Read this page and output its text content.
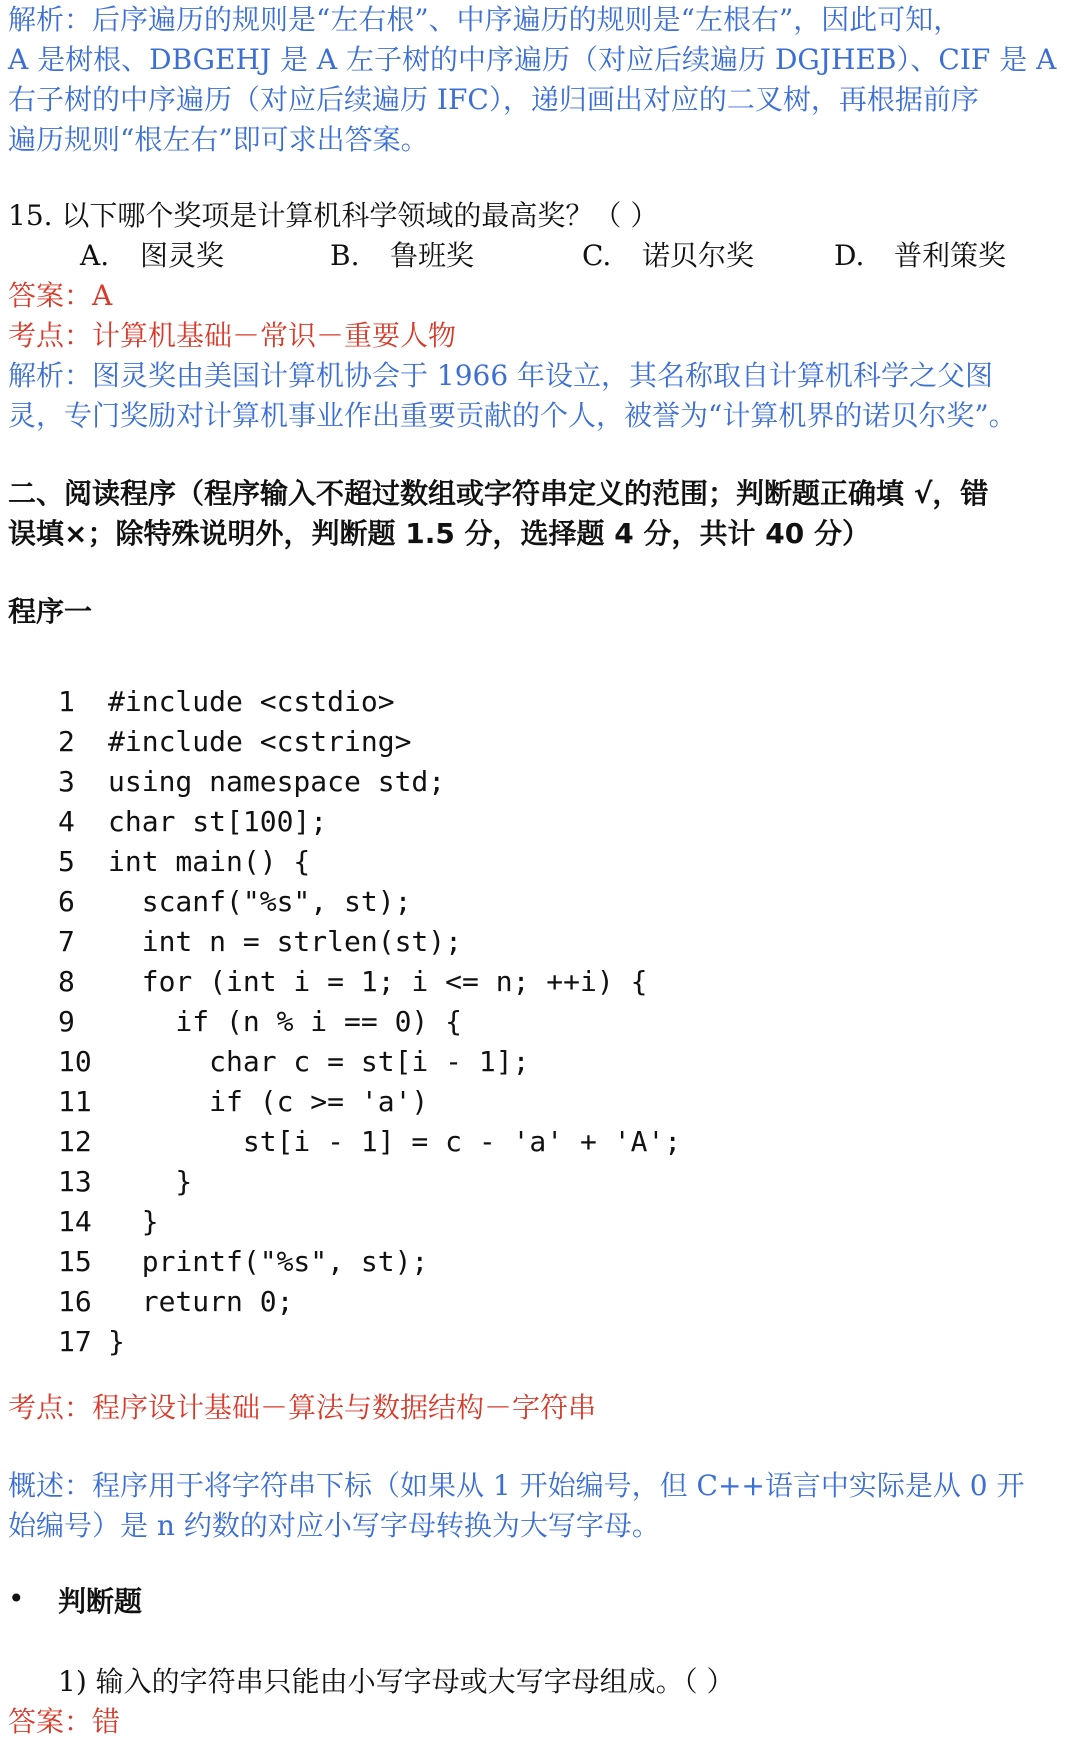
解析：后序遍历的规则是“左右根”、中序遍历的规则是“左根右”，因此可知，
A 是树根、DBGEHJ 是 A 左子树的中序遍历（对应后续遍历 DGJHEB）、CIF 是 A
右子树的中序遍历（对应后续遍历 IFC），递归画出对应的二叉树，再根据前序
遍历规则“根左右”即可求出答案。
15. 以下哪个奖项是计算机科学领域的最高奖？（ ）
A. 图灵奖	B. 鲁班奖	C. 诺贝尔奖	D. 普利策奖
答案：A
考点：计算机基础－常识－重要人物
解析：图灵奖由美国计算机协会于 1966 年设立，其名称取自计算机科学之父图
灵，专门奖励对计算机事业作出重要贡献的个人，被誉为“计算机界的诺贝尔奖”。
二、阅读程序（程序输入不超过数组或字符串定义的范围；判断题正确填 √，错
误填×；除特殊说明外，判断题 1.5 分，选择题 4 分，共计 40 分）
程序一
1	#include <cstdio>
2	#include <cstring>
3	using namespace std;
4	char st[100];
5	int main() {
6	scanf("%s", st);
7	int n = strlen(st);
8	for (int i = 1; i <= n; ++i) {
9	if (n % i == 0) {
10 char c = st[i - 1];
11 if (c >= 'a')
12 st[i - 1] = c - 'a' + 'A';
13 }
14 }
15 printf("%s", st);
16 return 0;
17 }
考点：程序设计基础－算法与数据结构－字符串
概述：程序用于将字符串下标（如果从 1 开始编号，但 C++语言中实际是从 0 开
始编号）是 n 约数的对应小写字母转换为大写字母。
• 判断题
1) 输入的字符串只能由小写字母或大写字母组成。（ ）
答案：错
